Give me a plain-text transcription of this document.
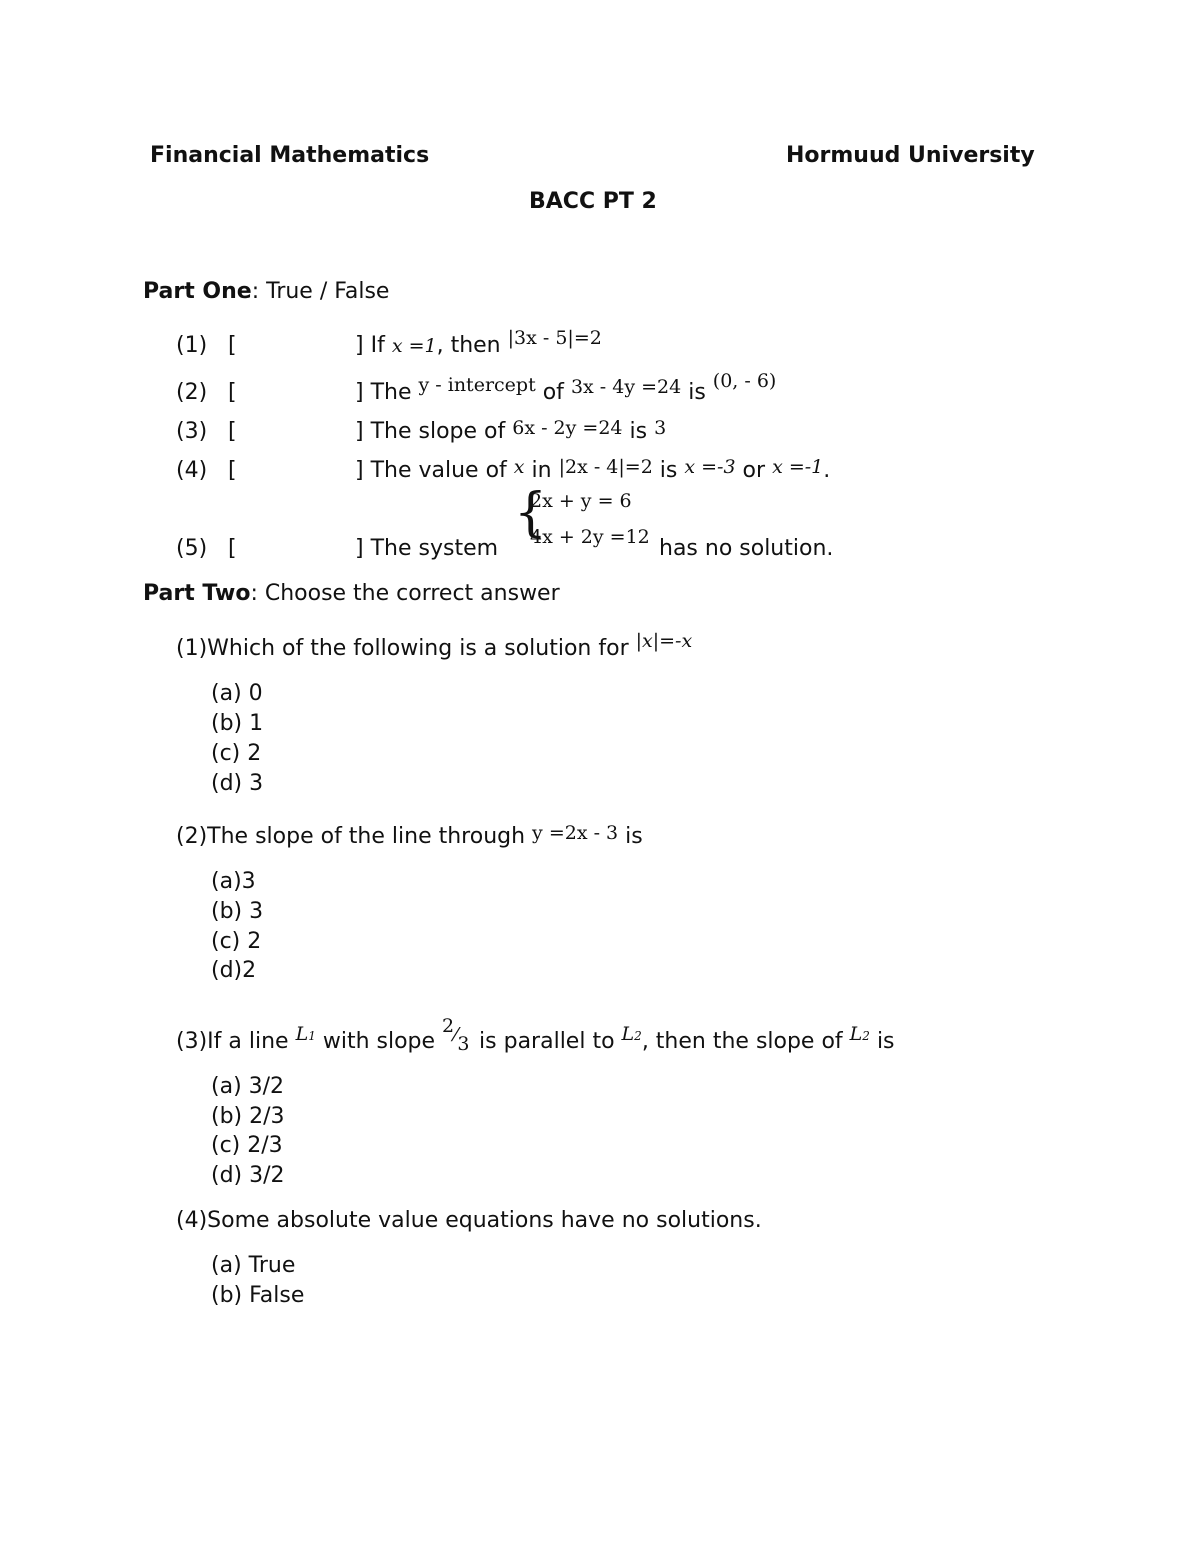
Financial Mathematics	Hormuud University
BACC PT 2
Part One: True / False
(1) [	] If x =1, then |3x - 5|=2
(2) [	] The y - intercept of 3x - 4y =24 is (0, - 6)
(3) [	] The slope of 6x - 2y =24 is 3
(4) [	] The value of x in |2x - 4|=2 is x =-3 or x =-1.
{
2x + y = 6
4x + 2y =12
(5) [	] The system	has no solution.
Part Two: Choose the correct answer
(1)Which of the following is a solution for |x|=-x
(a) 0
(b) 1
(c) 2
(d) 3
(2)The slope of the line through y =2x - 3 is
(a)3
(b) 3
(c) 2
(d)2
(3)If a line L1 with slope 2⁄3 is parallel to L2, then the slope of L2 is
(a) 3/2
(b) 2/3
(c) 2/3
(d) 3/2
(4)Some absolute value equations have no solutions.
(a) True
(b) False
